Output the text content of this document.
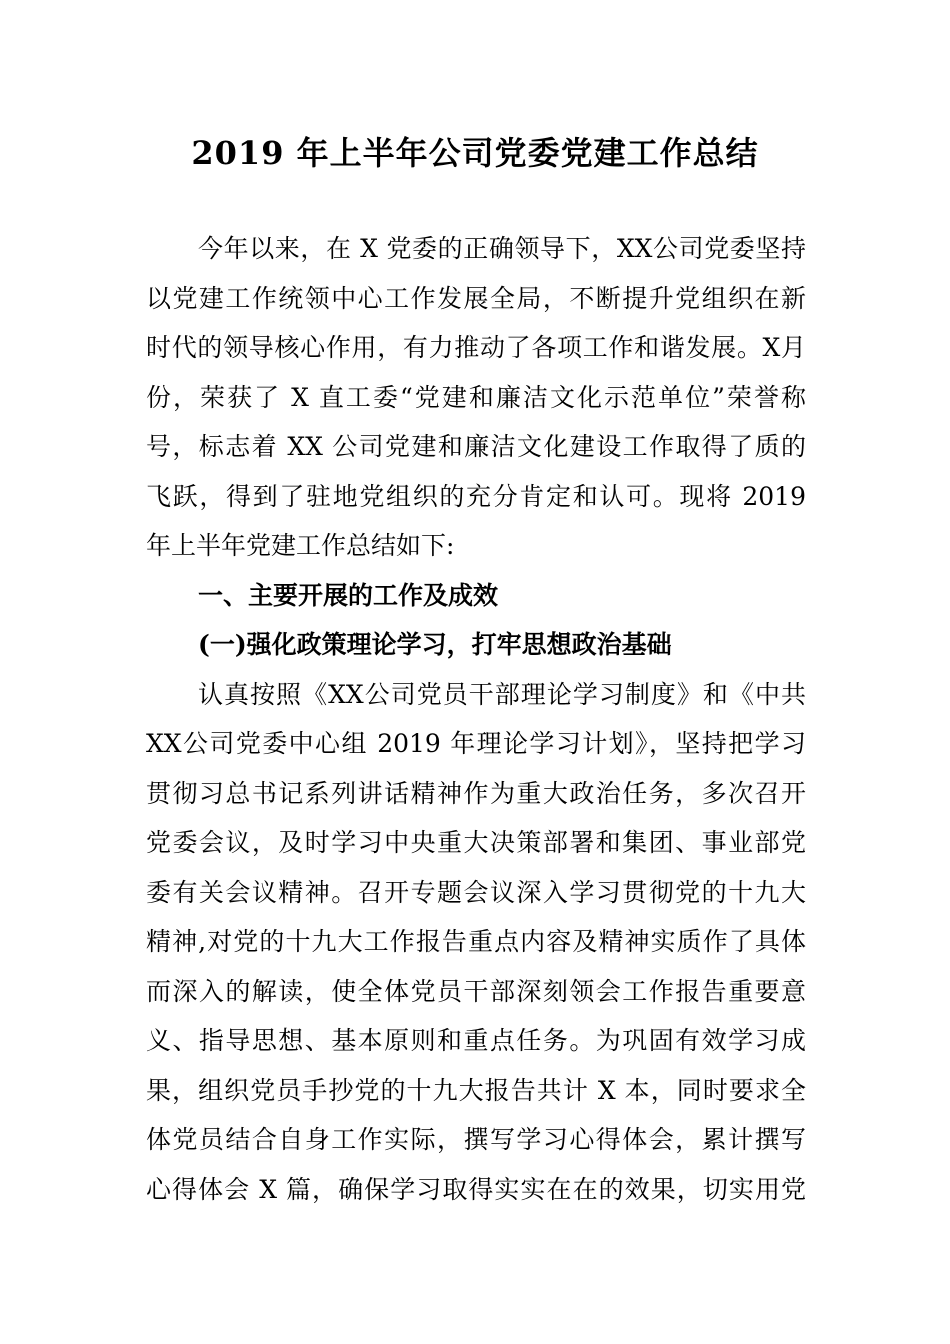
2019 年上半年公司党委党建工作总结
今年以来，在 X 党委的正确领导下，XX公司党委坚持
以党建工作统领中心工作发展全局，不断提升党组织在新
时代的领导核心作用，有力推动了各项工作和谐发展。X月
份，荣获了 X 直工委“党建和廉洁文化示范单位”荣誉称
号，标志着 XX 公司党建和廉洁文化建设工作取得了质的
飞跃，得到了驻地党组织的充分肯定和认可。现将 2019
年上半年党建工作总结如下:
一、主要开展的工作及成效
(一)强化政策理论学习，打牢思想政治基础
认真按照《XX公司党员干部理论学习制度》和《中共
XX公司党委中心组 2019 年理论学习计划》，坚持把学习
贯彻习总书记系列讲话精神作为重大政治任务，多次召开
党委会议，及时学习中央重大决策部署和集团、事业部党
委有关会议精神。召开专题会议深入学习贯彻党的十九大
精神,对党的十九大工作报告重点内容及精神实质作了具体
而深入的解读，使全体党员干部深刻领会工作报告重要意
义、指导思想、基本原则和重点任务。为巩固有效学习成
果，组织党员手抄党的十九大报告共计 X 本，同时要求全
体党员结合自身工作实际，撰写学习心得体会，累计撰写
心得体会 X 篇，确保学习取得实实在在的效果，切实用党
